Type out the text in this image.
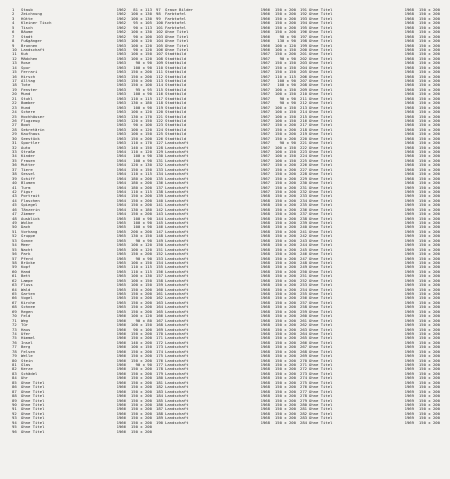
1	Staub	1962	81 x 113
2	Zeichnung	1962	100 x 130
3	Hütte	1962	100 x 130
4	Kleiner Tisch	1962	95 x 105
5	Tisch	1962	90 x 113
6	Bäume	1962	100 x 130
7	Stadt	1962	90 x 100
8	Fußgänger	1963	100 x 120
9	Brunnen	1963	100 x 120
10	Landschaft	1963	90 x 120
11	Kuh	1963	100 x 150
12	Mädchen	1963	100 x 120
13	Rose	1963	90 x 90
14	Spur	1963	100 x 90
15	Ferrari	1963	150 x 200
16	Hirsch	1963	150 x 200
17	Alltag	1963	150 x 200
18	Tote	1963	150 x 100
19	Fenster	1963	95 x 95
20	Mund	1963	100 x 90
21	Stuhl	1963	110 x 115
22	Bomber	1963	130 x 180
23	Hund	1963	100 x 90
24	Schere	1963	100 x 120
25	Hochhäuser	1963	130 x 170
26	Flugzeug	1963	120 x 150
27	Boot	1963	90 x 100
28	Sekretärin	1963	100 x 120
29	Kaufhaus	1963	100 x 150
30	Seestück	1963	150 x 200
31	Sportler	1963	110 x 170
32	Auto	1963	140 x 150
33	Straße	1964	110 x 120
34	Kinder	1964	100 x 90
35	Frauen	1964	100 x 90
36	Mutter	1964	120 x 130
37	Tiere	1964	150 x 150
38	Sessel	1964	110 x 115
39	Schiff	1964	180 x 200
40	Blumen	1964	180 x 200
41	Turm	1964	180 x 200
42	Figur	1964	110 x 115
43	Portrait	1964	150 x 200
44	Flaschen	1964	150 x 200
45	Spiegel	1964	150 x 200
46	Tänzerin	1964	130 x 180
47	Zimmer	1964	150 x 200
48	Ausblick	1965	100 x 90
49	Wolke	1965	100 x 90
50	Dach	1965	100 x 90
51	Vorhang	1965	200 x 200
52	Gruppe	1965	130 x 150
53	Sonne	1965	90 x 90
54	Meer	1965	100 x 120
55	Nacht	1965	100 x 120
56	Park	1965	150 x 200
57	Pferd	1965	90 x 90
58	Brücke	1965	100 x 150
59	Kopf	1965	110 x 115
60	Hand	1965	110 x 115
61	Bett	1965	100 x 130
62	Lampe	1965	100 x 150
63	Fluss	1965	100 x 150
64	Wald	1965	150 x 200
65	Garten	1965	150 x 200
66	Vogel	1965	150 x 200
67	Kirche	1965	150 x 200
68	Schnee	1965	150 x 200
69	Regen	1965	150 x 200
70	Feld	1966	100 x 120
71	Weg	1966	90 x 80
72	Tür	1966	100 x 150
73	Haus	1966	90 x 100
74	Ufer	1966	150 x 200
75	Himmel	1966	150 x 200
76	Insel	1966	140 x 200
77	Berg	1966	100 x 150
78	Felsen	1966	150 x 200
79	Welle	1966	150 x 200
80	Stein	1966	150 x 200
81	Glas	1966	90 x 90
82	Kerze	1966	150 x 200
83	Schädel	1966	150 x 200
84	Uhr	1966	150 x 200
85	Ohne Titel	1966	150 x 200
86	Ohne Titel	1966	150 x 200
87	Ohne Titel	1966	150 x 200
88	Ohne Titel	1966	150 x 200
89	Ohne Titel	1966	150 x 200
90	Ohne Titel	1966	150 x 200
91	Ohne Titel	1966	150 x 200
92	Ohne Titel	1966	150 x 200
93	Ohne Titel	1966	150 x 200
94	Ohne Titel	1966	150 x 200
95	Ohne Titel	1966	150 x 200
96	Ohne Titel	1966	150 x 200
97	Graue Bilder	1966	150 x 200
98	Farbtafel	1966	150 x 200
99	Farbtafel	1966	150 x 200
100 Farbtafel	1966	150 x 200
101 Farbtafel	1966	150 x 200
102 Ohne Titel	1966	150 x 200
103 Ohne Titel	1966	90 x 90
104 Ohne Titel	1966	130 x 90
105 Ohne Titel	1966	100 x 120
106 Ohne Titel	1966	100 x 150
107 Stadtbild	1967	150 x 200
108 Stadtbild	1967	90 x 90
109 Stadtbild	1967	150 x 150
110 Stadtbild	1967	150 x 150
111 Stadtbild	1967	150 x 150
112 Stadtbild	1967	110 x 115
113 Stadtbild	1967	100 x 90
114 Stadtbild	1967	100 x 90
115 Stadtbild	1967	100 x 150
116 Stadtbild	1967	100 x 150
117 Stadtbild	1967	90 x 90
118 Stadtbild	1967	90 x 90
119 Stadtbild	1967	100 x 150
120 Stadtbild	1967	100 x 150
121 Stadtbild	1967	100 x 150
122 Stadtbild	1967	100 x 150
123 Stadtbild	1967	150 x 200
124 Stadtbild	1967	150 x 200
125 Stadtbild	1967	150 x 200
126 Stadtbild	1967	150 x 200
127 Landschaft	1967	90 x 90
128 Landschaft	1967	100 x 150
129 Landschaft	1967	100 x 150
130 Landschaft	1967	100 x 150
131 Landschaft	1967	100 x 150
132 Landschaft	1967	150 x 200
133 Landschaft	1967	150 x 200
134 Landschaft	1967	150 x 200
135 Landschaft	1967	150 x 200
136 Landschaft	1967	150 x 200
137 Landschaft	1967	150 x 200
138 Landschaft	1967	150 x 200
139 Landschaft	1968	150 x 200
140 Landschaft	1968	150 x 200
141 Landschaft	1968	150 x 200
142 Landschaft	1968	150 x 200
143 Landschaft	1968	150 x 200
144 Landschaft	1968	150 x 200
145 Landschaft	1968	150 x 200
146 Landschaft	1968	150 x 200
147 Landschaft	1968	150 x 200
148 Landschaft	1968	150 x 200
149 Landschaft	1968	150 x 200
150 Landschaft	1968	150 x 200
151 Landschaft	1968	150 x 200
152 Landschaft	1968	150 x 200
153 Landschaft	1968	150 x 200
154 Landschaft	1968	150 x 200
155 Landschaft	1968	150 x 200
156 Landschaft	1968	150 x 200
157 Landschaft	1968	150 x 200
158 Landschaft	1968	150 x 200
159 Landschaft	1968	150 x 200
160 Landschaft	1968	150 x 200
161 Landschaft	1968	150 x 200
162 Landschaft	1968	150 x 200
163 Landschaft	1968	150 x 200
164 Landschaft	1968	150 x 200
165 Landschaft	1968	150 x 200
166 Landschaft	1968	150 x 200
167 Landschaft	1968	150 x 200
168 Landschaft	1968	150 x 200
169 Landschaft	1968	150 x 200
170 Landschaft	1968	150 x 200
171 Landschaft	1968	150 x 200
172 Landschaft	1968	150 x 200
173 Landschaft	1968	150 x 200
174 Landschaft	1968	150 x 200
175 Landschaft	1968	150 x 200
176 Landschaft	1968	150 x 200
177 Landschaft	1968	150 x 200
178 Landschaft	1968	150 x 200
179 Landschaft	1968	150 x 200
180 Landschaft	1968	150 x 200
181 Landschaft	1968	150 x 200
182 Landschaft	1968	150 x 200
183 Landschaft	1968	150 x 200
184 Landschaft	1968	150 x 200
185 Landschaft	1968	150 x 200
186 Landschaft	1968	150 x 200
187 Landschaft	1968	150 x 200
188 Landschaft	1968	150 x 200
189 Landschaft	1968	150 x 200
190 Landschaft	1968	150 x 200
191 Ohne Titel	1968	150 x 200
192 Ohne Titel	1968	150 x 200
193 Ohne Titel	1968	150 x 200
194 Ohne Titel	1968	150 x 200
195 Ohne Titel	1968	150 x 200
196 Ohne Titel	1968	150 x 200
197 Ohne Titel	1968	150 x 200
198 Ohne Titel	1968	150 x 200
199 Ohne Titel	1968	150 x 200
200 Ohne Titel	1968	150 x 200
201 Ohne Titel	1968	150 x 200
202 Ohne Titel	1968	150 x 200
203 Ohne Titel	1968	150 x 200
204 Ohne Titel	1968	150 x 200
205 Ohne Titel	1968	150 x 200
206 Ohne Titel	1968	150 x 200
207 Ohne Titel	1968	150 x 200
208 Ohne Titel	1968	150 x 200
209 Ohne Titel	1968	150 x 200
210 Ohne Titel	1968	150 x 200
211 Ohne Titel	1968	150 x 200
212 Ohne Titel	1968	150 x 200
213 Ohne Titel	1968	150 x 200
214 Ohne Titel	1968	150 x 200
215 Ohne Titel	1968	150 x 200
216 Ohne Titel	1968	150 x 200
217 Ohne Titel	1968	150 x 200
218 Ohne Titel	1968	150 x 200
219 Ohne Titel	1968	150 x 200
220 Ohne Titel	1968	150 x 200
221 Ohne Titel	1968	150 x 200
222 Ohne Titel	1968	150 x 200
223 Ohne Titel	1968	150 x 200
224 Ohne Titel	1968	150 x 200
225 Ohne Titel	1968	150 x 200
226 Ohne Titel	1968	150 x 200
227 Ohne Titel	1968	150 x 200
228 Ohne Titel	1968	150 x 200
229 Ohne Titel	1968	150 x 200
230 Ohne Titel	1968	150 x 200
231 Ohne Titel	1969	150 x 200
232 Ohne Titel	1969	150 x 200
233 Ohne Titel	1969	150 x 200
234 Ohne Titel	1969	150 x 200
235 Ohne Titel	1969	150 x 200
236 Ohne Titel	1969	150 x 200
237 Ohne Titel	1969	150 x 200
238 Ohne Titel	1969	150 x 200
239 Ohne Titel	1969	150 x 200
240 Ohne Titel	1969	150 x 200
241 Ohne Titel	1969	150 x 200
242 Ohne Titel	1969	150 x 200
243 Ohne Titel	1969	150 x 200
244 Ohne Titel	1969	150 x 200
245 Ohne Titel	1969	150 x 200
246 Ohne Titel	1969	150 x 200
247 Ohne Titel	1969	150 x 200
248 Ohne Titel	1969	150 x 200
249 Ohne Titel	1969	150 x 200
250 Ohne Titel	1969	150 x 200
251 Ohne Titel	1969	150 x 200
252 Ohne Titel	1969	150 x 200
253 Ohne Titel	1969	150 x 200
254 Ohne Titel	1969	150 x 200
255 Ohne Titel	1969	150 x 200
256 Ohne Titel	1969	150 x 200
257 Ohne Titel	1969	150 x 200
258 Ohne Titel	1969	150 x 200
259 Ohne Titel	1969	150 x 200
260 Ohne Titel	1969	150 x 200
261 Ohne Titel	1969	150 x 200
262 Ohne Titel	1969	150 x 200
263 Ohne Titel	1969	150 x 200
264 Ohne Titel	1969	150 x 200
265 Ohne Titel	1969	150 x 200
266 Ohne Titel	1969	150 x 200
267 Ohne Titel	1969	150 x 200
268 Ohne Titel	1969	150 x 200
269 Ohne Titel	1969	150 x 200
270 Ohne Titel	1969	150 x 200
271 Ohne Titel	1969	150 x 200
272 Ohne Titel	1969	150 x 200
273 Ohne Titel	1969	150 x 200
274 Ohne Titel	1969	150 x 200
275 Ohne Titel	1969	150 x 200
276 Ohne Titel	1969	150 x 200
277 Ohne Titel	1969	150 x 200
278 Ohne Titel	1969	150 x 200
279 Ohne Titel	1969	150 x 200
280 Ohne Titel	1969	150 x 200
281 Ohne Titel	1969	150 x 200
282 Ohne Titel	1969	150 x 200
283 Ohne Titel	1969	150 x 200
284 Ohne Titel	1969	150 x 200
